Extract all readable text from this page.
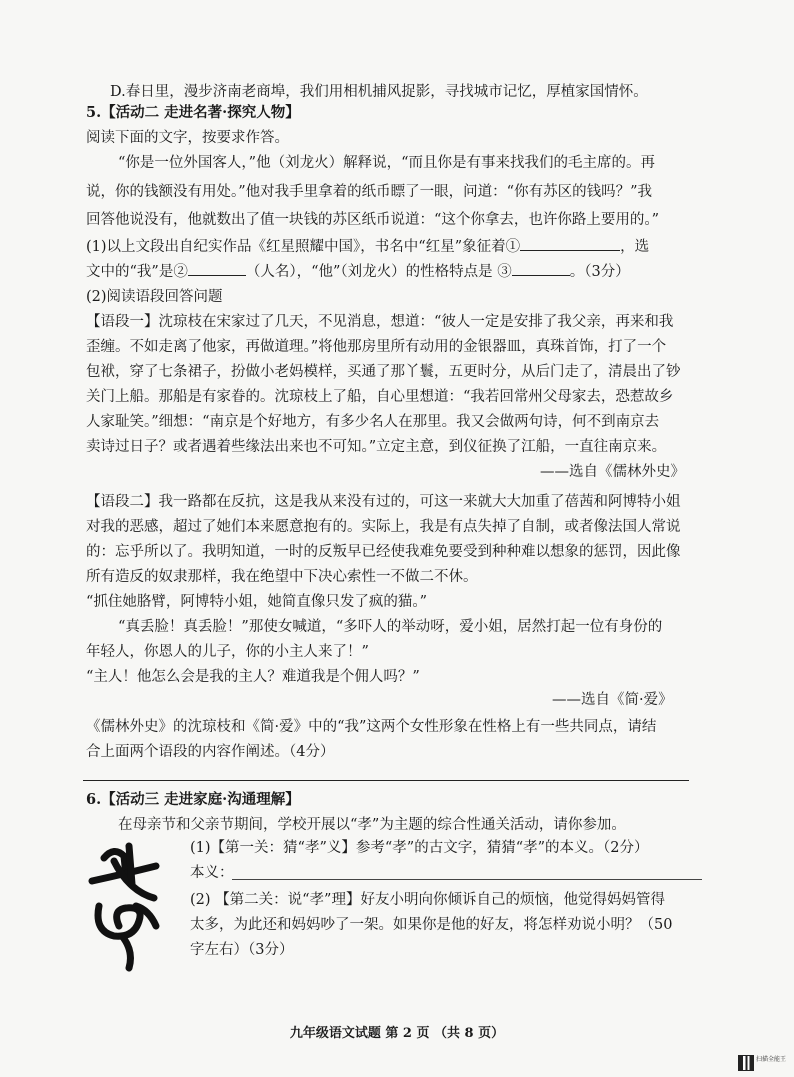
D.春日里，漫步济南老商埠，我们用相机捕风捉影，寻找城市记忆，厚植家国情怀。
5.【活动二 走进名著·探究人物】
阅读下面的文字，按要求作答。
“你是一位外国客人，”他（刘龙火）解释说，“而且你是有事来找我们的毛主席的。再
说，你的钱额没有用处。”他对我手里拿着的纸币瞟了一眼，问道：“你有苏区的钱吗？”我
回答他说没有，他就数出了值一块钱的苏区纸币说道：“这个你拿去，也许你路上要用的。”
(1)以上文段出自纪实作品《红星照耀中国》，书名中“红星”象征着①	，选
文中的“我”是②	（人名），“他”（刘龙火）的性格特点是 ③	。（3分）
(2)阅读语段回答问题
【语段一】沈琼枝在宋家过了几天，不见消息，想道：“彼人一定是安排了我父亲，再来和我
歪缠。不如走离了他家，再做道理。”将他那房里所有动用的金银器皿，真珠首饰，打了一个
包袱，穿了七条裙子，扮做小老妈模样，买通了那丫鬟，五更时分，从后门走了，清晨出了钞
关门上船。那船是有家眷的。沈琼枝上了船，自心里想道：“我若回常州父母家去，恐惹故乡
人家耻笑。”细想：“南京是个好地方，有多少名人在那里。我又会做两句诗，何不到南京去
卖诗过日子？或者遇着些缘法出来也不可知。”立定主意，到仪征换了江船，一直往南京来。
——选自《儒林外史》
【语段二】我一路都在反抗，这是我从来没有过的，可这一来就大大加重了蓓茜和阿博特小姐
对我的恶感，超过了她们本来愿意抱有的。实际上，我是有点失掉了自制，或者像法国人常说
的：忘乎所以了。我明知道，一时的反叛早已经使我难免要受到种种难以想象的惩罚，因此像
所有造反的奴隶那样，我在绝望中下决心索性一不做二不休。
“抓住她胳臂，阿博特小姐，她简直像只发了疯的猫。”
“真丢脸！真丢脸！”那使女喊道，“多吓人的举动呀，爱小姐，居然打起一位有身份的
年轻人，你恩人的儿子，你的小主人来了！”
“主人！他怎么会是我的主人？难道我是个佣人吗？”
——选自《简·爱》
《儒林外史》的沈琼枝和《简·爱》中的“我”这两个女性形象在性格上有一些共同点，请结
合上面两个语段的内容作阐述。（4分）
6.【活动三 走进家庭·沟通理解】
在母亲节和父亲节期间，学校开展以“孝”为主题的综合性通关活动，请你参加。
(1)【第一关：猜“孝”义】参考“孝”的古文字，猜猜“孝”的本义。（2分）
本义：
(2) 【第二关：说“孝”理】好友小明向你倾诉自己的烦恼，他觉得妈妈管得
太多，为此还和妈妈吵了一架。如果你是他的好友，将怎样劝说小明？（50
字左右）（3分）
九年级语文试题 第 2 页 （共 8 页）
扫描全能王
